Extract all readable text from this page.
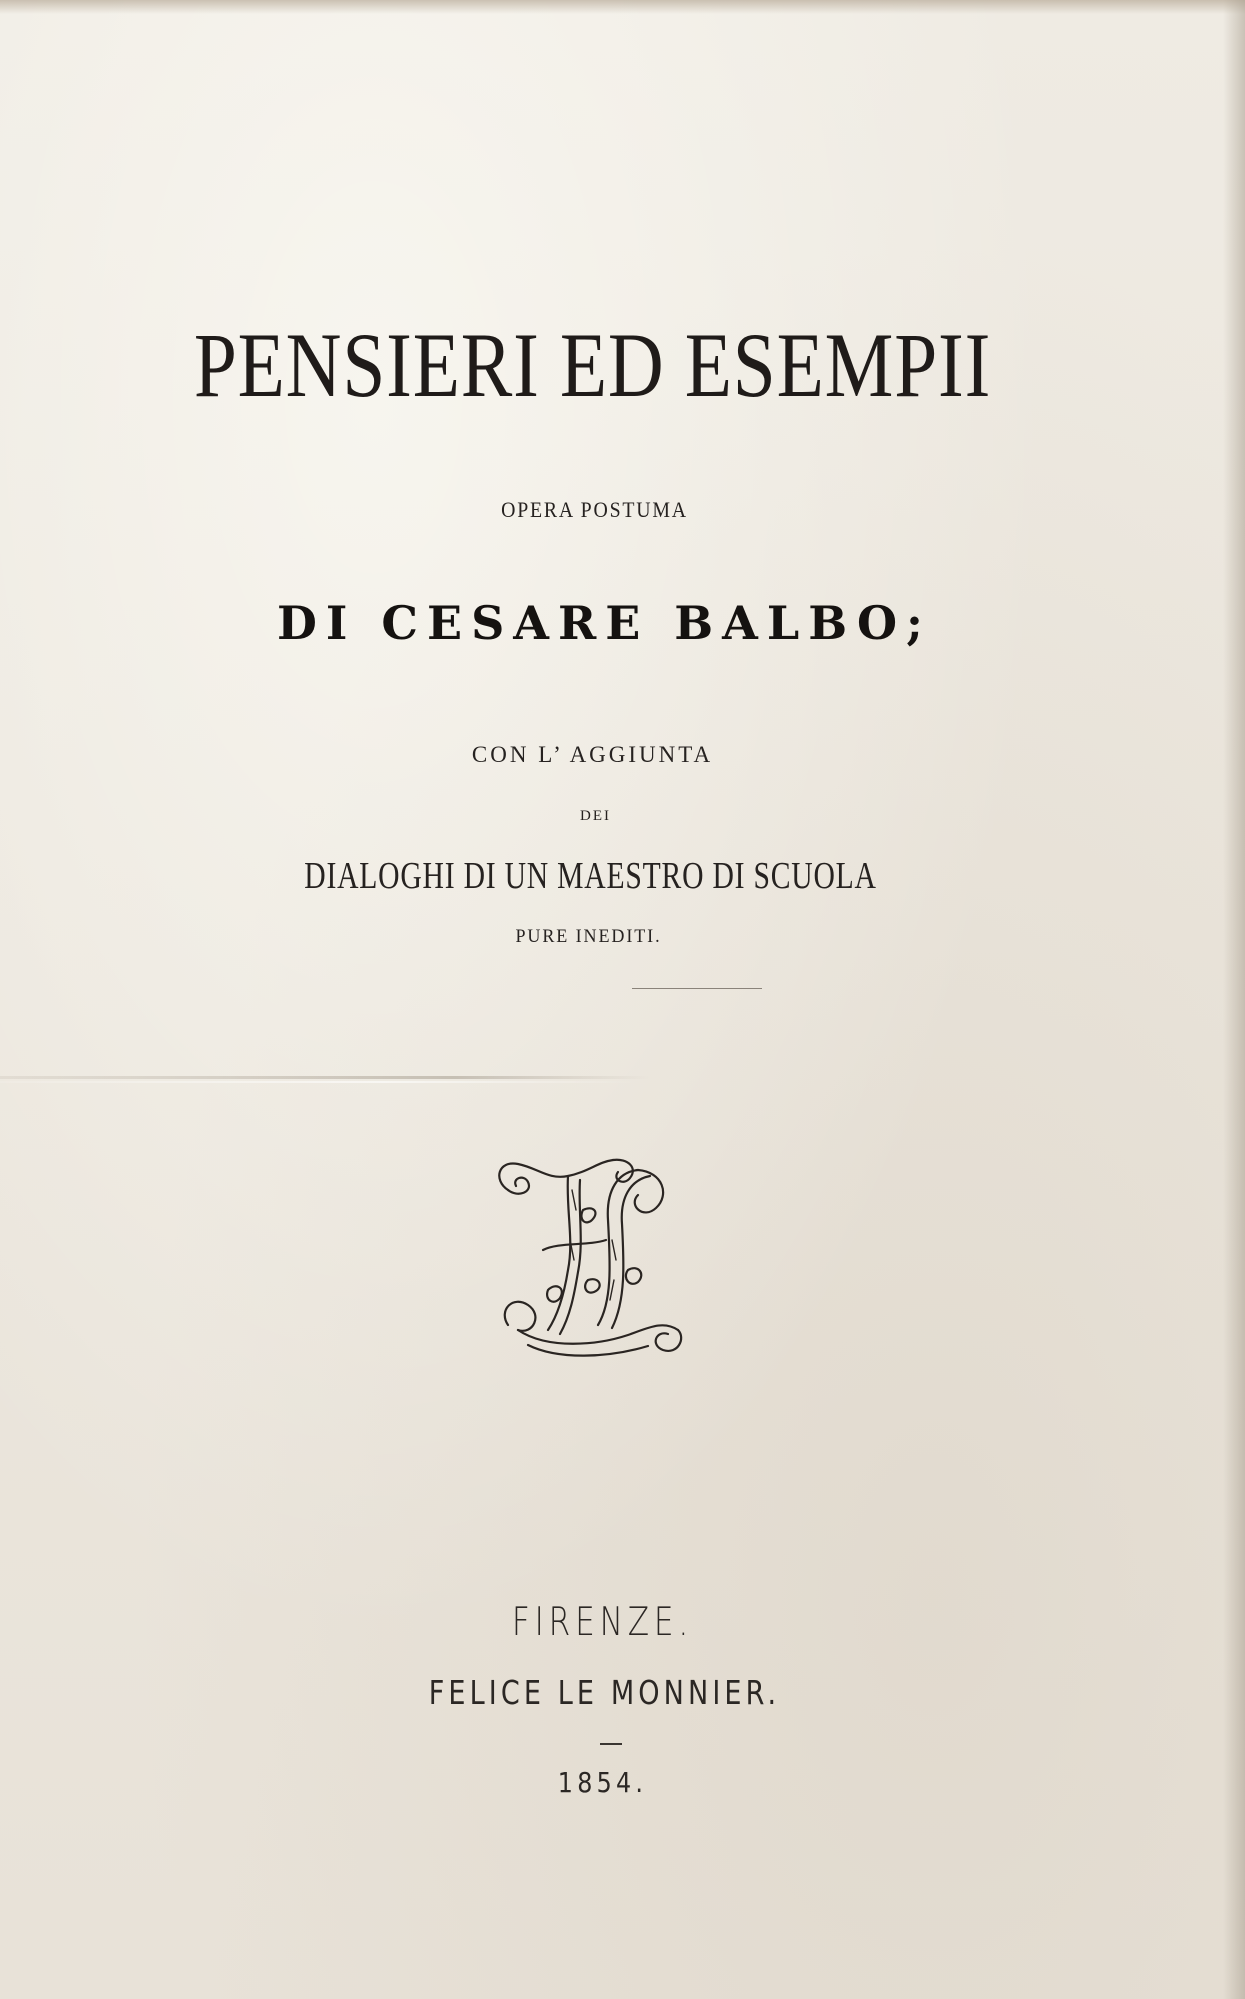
PENSIERI ED ESEMPII
OPERA POSTUMA
DI CESARE BALBO;
CON L’ AGGIUNTA
DEI
DIALOGHI DI UN MAESTRO DI SCUOLA
PURE INEDITI.
FIRENZE.
FELICE LE MONNIER.
1854.
